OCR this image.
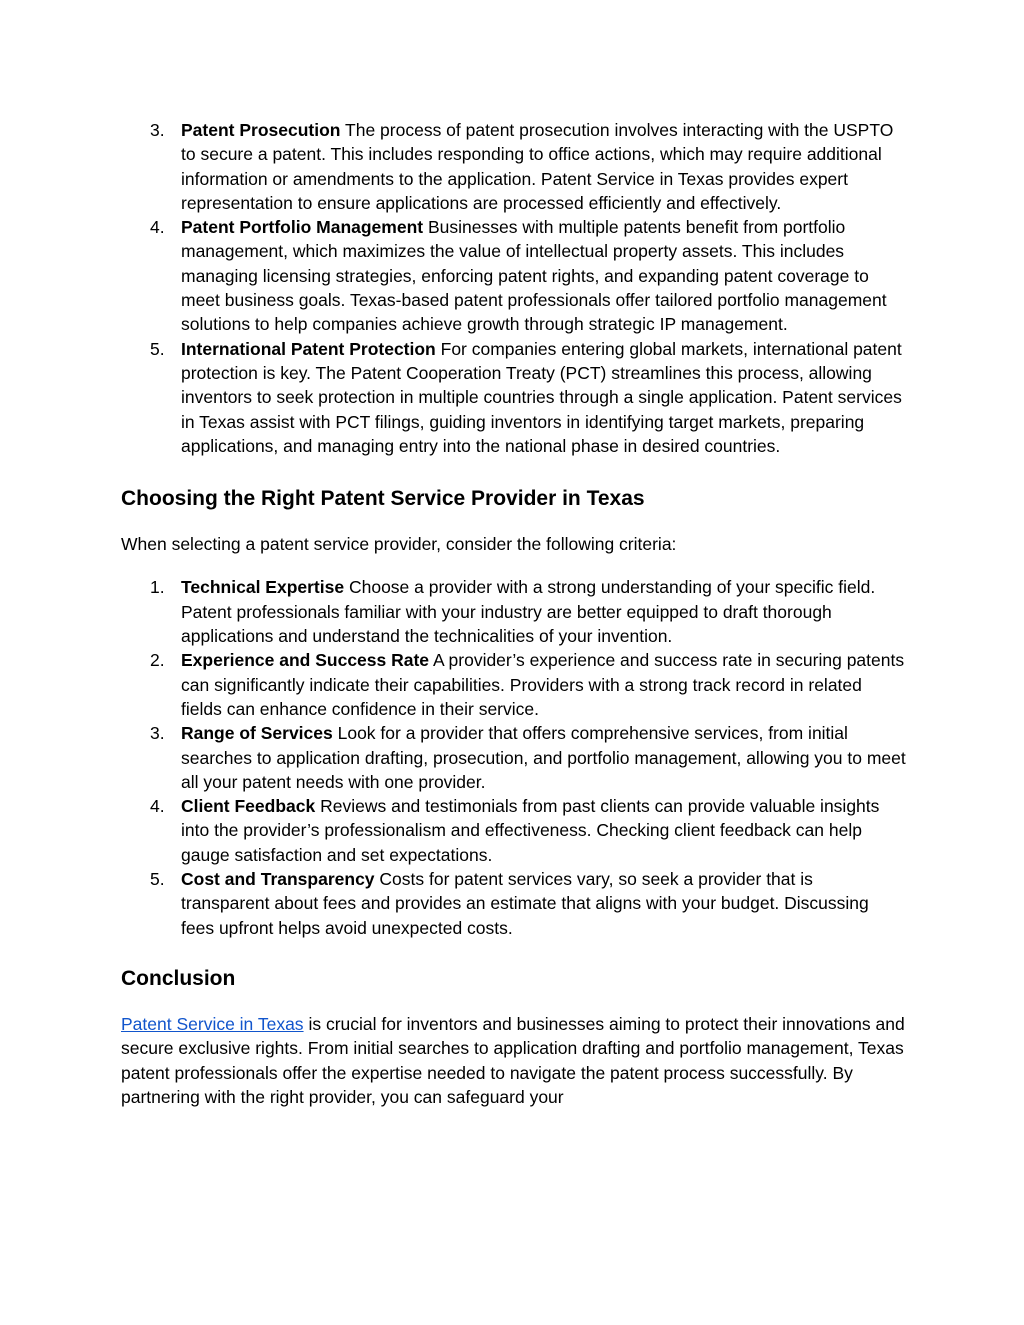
3. Patent Prosecution The process of patent prosecution involves interacting with the USPTO to secure a patent. This includes responding to office actions, which may require additional information or amendments to the application. Patent Service in Texas provides expert representation to ensure applications are processed efficiently and effectively.
4. Patent Portfolio Management Businesses with multiple patents benefit from portfolio management, which maximizes the value of intellectual property assets. This includes managing licensing strategies, enforcing patent rights, and expanding patent coverage to meet business goals. Texas-based patent professionals offer tailored portfolio management solutions to help companies achieve growth through strategic IP management.
5. International Patent Protection For companies entering global markets, international patent protection is key. The Patent Cooperation Treaty (PCT) streamlines this process, allowing inventors to seek protection in multiple countries through a single application. Patent services in Texas assist with PCT filings, guiding inventors in identifying target markets, preparing applications, and managing entry into the national phase in desired countries.
Choosing the Right Patent Service Provider in Texas

When selecting a patent service provider, consider the following criteria:

1. Technical Expertise Choose a provider with a strong understanding of your specific field. Patent professionals familiar with your industry are better equipped to draft thorough applications and understand the technicalities of your invention.
2. Experience and Success Rate A provider’s experience and success rate in securing patents can significantly indicate their capabilities. Providers with a strong track record in related fields can enhance confidence in their service.
3. Range of Services Look for a provider that offers comprehensive services, from initial searches to application drafting, prosecution, and portfolio management, allowing you to meet all your patent needs with one provider.
4. Client Feedback Reviews and testimonials from past clients can provide valuable insights into the provider’s professionalism and effectiveness. Checking client feedback can help gauge satisfaction and set expectations.
5. Cost and Transparency Costs for patent services vary, so seek a provider that is transparent about fees and provides an estimate that aligns with your budget. Discussing fees upfront helps avoid unexpected costs.
Conclusion

Patent Service in Texas is crucial for inventors and businesses aiming to protect their innovations and secure exclusive rights. From initial searches to application drafting and portfolio management, Texas patent professionals offer the expertise needed to navigate the patent process successfully. By partnering with the right provider, you can safeguard your
